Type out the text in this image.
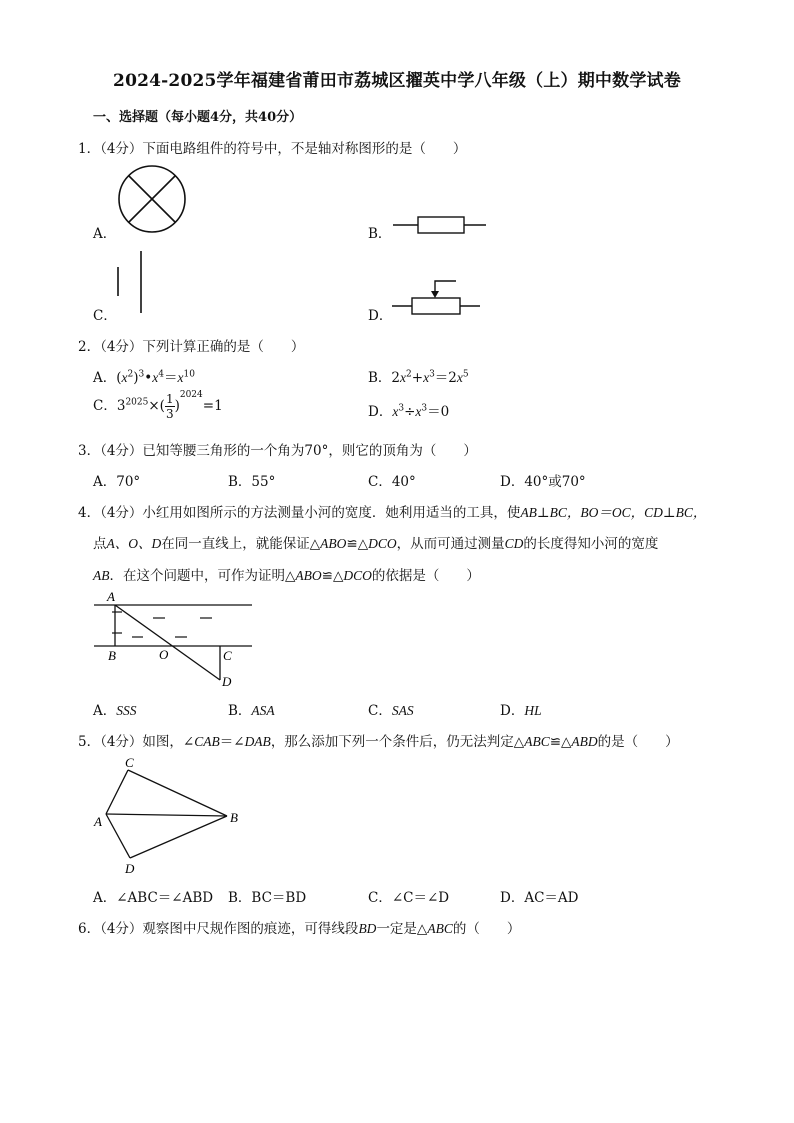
2024-2025学年福建省莆田市荔城区擢英中学八年级（上）期中数学试卷
一、选择题（每小题4分，共40分）
1．（4分）下面电路组件的符号中，不是轴对称图形的是（　　）
A．	B．
C．	D．
2．（4分）下列计算正确的是（　　）
A．$(x^2)^3•x^4=x^{10}$	B．$2x^2+x^3=2x^5$
C．$3^{2025}\times( \frac{1}{3} )^{2024}=1$	D．$x^3\div x^3=0$
3．（4分）已知等腰三角形的一个角为70°，则它的顶角为（　　）
A．70°	B．55°	C．40°	D．40°或70°
4．（4分）小红用如图所示的方法测量小河的宽度．她利用适当的工具，使AB⊥BC，BO＝OC，CD⊥BC，
点A、O、D在同一直线上，就能保证△ABO≌△DCO，从而可通过测量CD的长度得知小河的宽度
AB．在这个问题中，可作为证明△ABO≌△DCO的依据是（　　）
A
B	O	C
D
A．SSS	B．ASA	C．SAS	D．HL
5．（4分）如图，∠CAB＝∠DAB，那么添加下列一个条件后，仍无法判定△ABC≌△ABD的是（　　）
C
A	B
D
A．∠ABC＝∠ABD B．BC＝BD	C．∠C＝∠D	D．AC＝AD
6．（4分）观察图中尺规作图的痕迹，可得线段BD一定是△ABC的（　　）
